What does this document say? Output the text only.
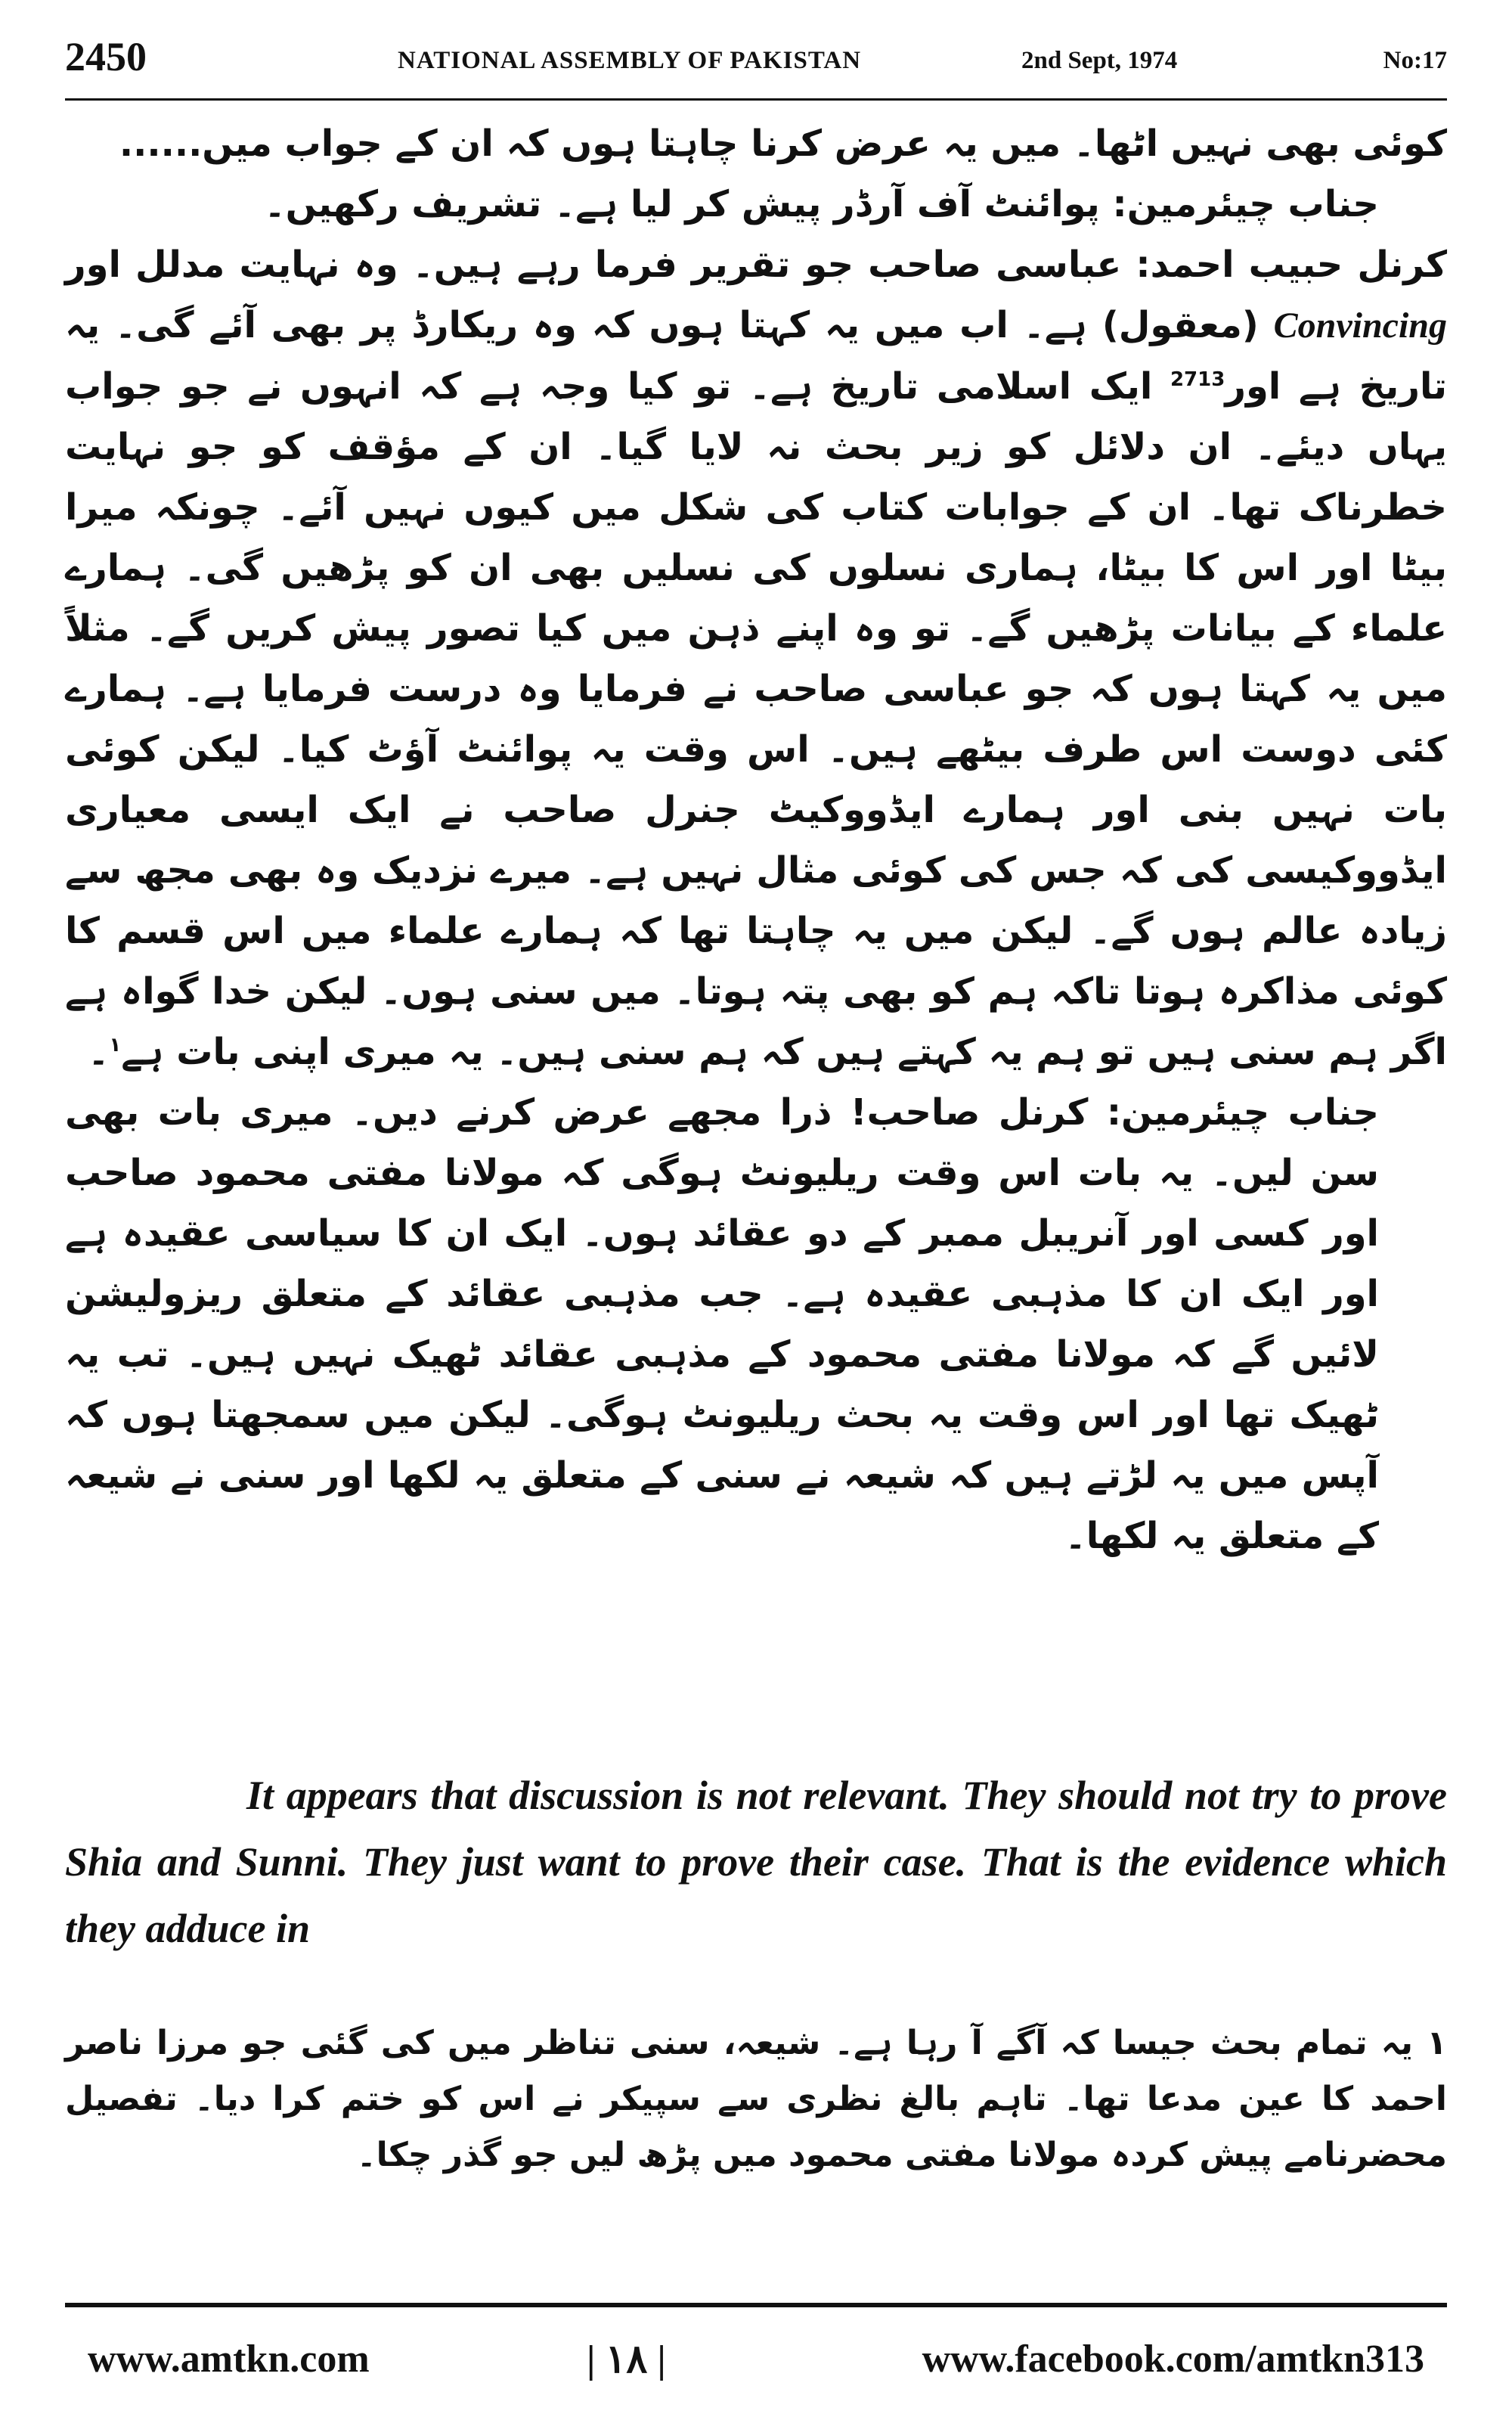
2450	NATIONAL ASSEMBLY OF PAKISTAN	2nd Sept, 1974	No:17

کوئی بھی نہیں اٹھا۔ میں یہ عرض کرنا چاہتا ہوں کہ ان کے جواب میں......

جناب چیئرمین: پوائنٹ آف آرڈر پیش کر لیا ہے۔ تشریف رکھیں۔

کرنل حبیب احمد: عباسی صاحب جو تقریر فرما رہے ہیں۔ وہ نہایت مدلل اور Convincing (معقول) ہے۔ اب میں یہ کہتا ہوں کہ وہ ریکارڈ پر بھی آئے گی۔ یہ تاریخ ہے اور$^{2713}$ ایک اسلامی تاریخ ہے۔ تو کیا وجہ ہے کہ انہوں نے جو جواب یہاں دیئے۔ ان دلائل کو زیر بحث نہ لایا گیا۔ ان کے مؤقف کو جو نہایت خطرناک تھا۔ ان کے جوابات کتاب کی شکل میں کیوں نہیں آئے۔ چونکہ میرا بیٹا اور اس کا بیٹا، ہماری نسلوں کی نسلیں بھی ان کو پڑھیں گی۔ ہمارے علماء کے بیانات پڑھیں گے۔ تو وہ اپنے ذہن میں کیا تصور پیش کریں گے۔ مثلاً میں یہ کہتا ہوں کہ جو عباسی صاحب نے فرمایا وہ درست فرمایا ہے۔ ہمارے کئی دوست اس طرف بیٹھے ہیں۔ اس وقت یہ پوائنٹ آؤٹ کیا۔ لیکن کوئی بات نہیں بنی اور ہمارے ایڈووکیٹ جنرل صاحب نے ایک ایسی معیاری ایڈووکیسی کی کہ جس کی کوئی مثال نہیں ہے۔ میرے نزدیک وہ بھی مجھ سے زیادہ عالم ہوں گے۔ لیکن میں یہ چاہتا تھا کہ ہمارے علماء میں اس قسم کا کوئی مذاکرہ ہوتا تاکہ ہم کو بھی پتہ ہوتا۔ میں سنی ہوں۔ لیکن خدا گواہ ہے اگر ہم سنی ہیں تو ہم یہ کہتے ہیں کہ ہم سنی ہیں۔ یہ میری اپنی بات ہے$^۱$۔

جناب چیئرمین: کرنل صاحب! ذرا مجھے عرض کرنے دیں۔ میری بات بھی سن لیں۔ یہ بات اس وقت ریلیونٹ ہوگی کہ مولانا مفتی محمود صاحب اور کسی اور آنریبل ممبر کے دو عقائد ہوں۔ ایک ان کا سیاسی عقیدہ ہے اور ایک ان کا مذہبی عقیدہ ہے۔ جب مذہبی عقائد کے متعلق ریزولیشن لائیں گے کہ مولانا مفتی محمود کے مذہبی عقائد ٹھیک نہیں ہیں۔ تب یہ ٹھیک تھا اور اس وقت یہ بحث ریلیونٹ ہوگی۔ لیکن میں سمجھتا ہوں کہ آپس میں یہ لڑتے ہیں کہ شیعہ نے سنی کے متعلق یہ لکھا اور سنی نے شیعہ کے متعلق یہ لکھا۔

It appears that discussion is not relevant. They should not try to prove Shia and Sunni. They just want to prove their case. That is the evidence which they adduce in

۱ یہ تمام بحث جیسا کہ آگے آ رہا ہے۔ شیعہ، سنی تناظر میں کی گئی جو مرزا ناصر احمد کا عین مدعا تھا۔ تاہم بالغ نظری سے سپیکر نے اس کو ختم کرا دیا۔ تفصیل محضرنامے پیش کردہ مولانا مفتی محمود میں پڑھ لیں جو گذر چکا۔

www.amtkn.com	| ١٨ |	www.facebook.com/amtkn313
